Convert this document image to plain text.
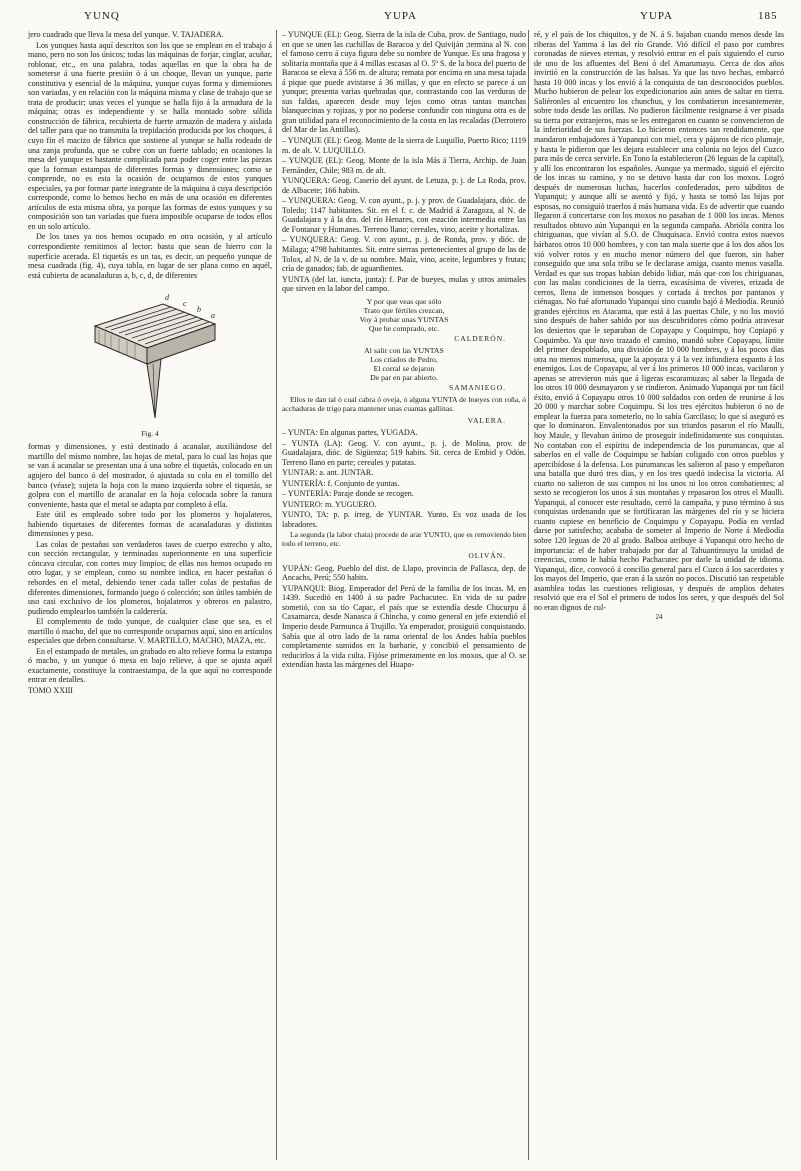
YUNQ	YUPA	YUPA	185

jero cuadrado que lleva la mesa del yunque. V. TAJADERA.

Los yunques hasta aquí descritos son los que se emplean en el trabajo á mano, pero no son los únicos; todas las máquinas de forjar, cinglar, acuñar, roblonar, etc., en una palabra, todas aquellas en que la obra ha de someterse á una fuerte presión ó á un choque, llevan un yunque, parte constitutiva y esencial de la máquina, yunque cuyas forma y dimensiones son variadas, y en relación con la máquina misma y clase de trabajo que se trata de producir; unas veces el yunque se halla fijo á la armadura de la máquina; otras es independiente y se halla montado sobre sólida construcción de fábrica, recubierta de fuerte armazón de madera y aislada del taller para que no transmita la trepidación producida por los choques, á cuyo fin el macizo de fábrica que sostiene al yunque se halla rodeado de una zanja profunda, que se cubre con un fuerte tablado; en ocasiones la mesa del yunque es bastante complicada para poder coger entre las piezas que la forman estampas de diferentes formas y dimensiones; como se comprende, no es esta la ocasión de ocuparnos de estos yunques especiales, ya por formar parte integrante de la máquina á cuya descripción corresponde, como lo hemos hecho en más de una ocasión en diferentes artículos de esta misma obra, ya porque las formas de estos yunques y su composición son tan variadas que fuera imposible ocuparse de todos ellos en un solo artículo.

De los tases ya nos hemos ocupado en otra ocasión, y al artículo correspondiente remitimos al lector: basta que sean de hierro con la superficie acerada. El tiquetás es un tas, es decir, un pequeño yunque de mesa cuadrada (fig. 4), cuya tabla, en lugar de ser plana como en aquél, está cubierta de acanaladuras a, b, c, d, de diferentes

d
c
b
a
Fig. 4

formas y dimensiones, y está destinado á acanalar, auxiliándose del martillo del mismo nombre, las hojas de metal, para lo cual las hojas que se van á acanalar se presentan una á una sobre el tiquetás, colocado en un agujero del banco ó del mostrador, ó ajustada su cola en el tornillo del banco (véase); sujeta la hoja con la mano izquierda sobre el tiquetás, se golpea con el martillo de acanalar en la hoja colocada sobre la ranura conveniente, hasta que el metal se adapta por completo á ella.

Este útil es empleado sobre todo por los plomeros y hojalateros, habiendo tiquetases de diferentes formas de acanaladuras y distintas dimensiones y peso.

Las colas de pestañas son verdaderos tases de cuerpo estrecho y alto, con sección rectangular, y terminadas superiormente en una superficie cóncava circular, con cortes muy limpios; de ellas nos hemos ocupado en otro lugar, y se emplean, como su nombre indica, en hacer pestañas ó rebordes en el metal, debiendo tener cada taller colas de pestañas de diferentes dimensiones, formando juego ó colección; son útiles también de uso casi exclusivo de los plomeros, hojalateros y obreros en palastro, pudiendo emplearlos también la calderería.

El complemento de todo yunque, de cualquier clase que sea, es el martillo ó macho, del que no corresponde ocuparnos aquí, sino en artículos especiales que deben consultarse. V. MARTILLO, MACHO, MAZA, etc.

En el estampado de metales, un grabado en alto relieve forma la estampa ó macho, y un yunque ó mesa en bajo relieve, á que se ajusta aquél exactamente, constituye la contraestampa, de la que aquí no corresponde entrar en detalles.

TOMO XXIII

– YUNQUE (EL): Geog. Sierra de la isla de Cuba, prov. de Santiago, nudo en que se unen las cuchillas de Baracoa y del Quiviján ;termina al N. con el famoso cerro á cuya figura debe su nombre de Yunque. Es una fragosa y solitaria montaña que á 4 millas escasas al O. 5º S. de la boca del puerto de Baracoa se eleva á 556 m. de altura; remata por encima en una mesa tajada á pique que puede avistarse á 36 millas, y que en efecto se parece á un yunque; presenta varias quebradas que, contrastando con las verduras de sus faldas, aparecen desde muy lejos como otras tantas manchas blanquecinas y rojizas, y por no poderse confundir con ninguna otra es de gran utilidad para el reconocimiento de la costa en las recaladas (Derrotero del Mar de las Antillas).

– YUNQUE (EL): Geog. Monte de la sierra de Luquillo, Puerto Rico; 1119 m. de alt. V. LUQUILLO.

– YUNQUE (EL): Geog. Monte de la isla Más á Tierra, Archip. de Juan Fernández, Chile; 983 m. de alt.

YUNQUERA: Geog. Caserío del ayunt. de Letuza, p. j. de La Roda, prov. de Albacete; 166 habits.

– YUNQUERA: Geog. V. con ayunt., p. j. y prov. de Guadalajara, dióc. de Toledo; 1147 habitantes. Sit. en el f. c. de Madrid á Zaragoza, al N. de Guadalajara y á la dra. del río Henares, con estación intermedia entre las de Fontanar y Humanes. Terreno llano; cereales, vino, aceite y hortalizas.

– YUNQUERA: Geog. V. con ayunt., p. j. de Ronda, prov. y dióc. de Málaga; 4798 habitantes. Sit. entre sierras pertenecientes al grupo de las de Tolox, al N. de la v. de su nombre. Maíz, vino, aceite, legumbres y frutas; cría de ganados; fab. de aguardientes.

YUNTA (del lat. iuncta, junta): f. Par de bueyes, mulas y otros animales que sirven en la labor del campo.

Y por que veas que sólo
Trato que fértiles crezcan,
Voy á probar unas YUNTAS
Que he comprado, etc.
CALDERÓN.
Al salir con las YUNTAS
Los criados de Pedro,
El corral se dejaron
De par en par abierto.
SAMANIEGO.

Ellos te dan tal ó cual cabra ó oveja, ó alguna YUNTA de bueyes con roña, ó acchaduras de trigo para mantener unas cuantas gallinas.

VALERA.

– YUNTA: En algunas partes, YUGADA.

– YUNTA (LA): Geog. V. con ayunt., p. j. de Molina, prov. de Guadalajara, dióc. de Sigüenza; 519 habits. Sit. cerca de Embid y Odón. Terreno llano en parte; cereales y patatas.

YUNTAR: a. ant. JUNTAR.

YUNTERÍA: f. Conjunto de yuntas.

– YUNTERÍA: Paraje donde se recogen.

YUNTERO: m. YUGUERO.

YUNTO, TA: p. p. irreg. de YUNTAR. Yunto. Es voz usada de los labradores.

La segunda (la labor chata) procede de arar YUNTO, que es removiendo bien todo el terreno, etc.

OLIVÁN.

YUPÁN: Geog. Pueblo del dist. de Llapo, provincia de Pallasca, dep. de Ancachs, Perú; 550 habits.

YUPANQUI: Biog. Emperador del Perú de la familia de los incas. M. en 1439. Sucedió en 1400 á su padre Pachacutec. En vida de su padre sometió, con su tío Capac, el país que se extendía desde Chucurpu á Caxamarca, desde Nanasca á Chincha, y como general en jefe extendió el Imperio desde Parmunca á Trujillo. Ya emperador, prosiguió conquistando. Sabía que al otro lado de la rama oriental de los Andes había pueblos completamente sumidos en la barbarie, y concibió el pensamiento de reducirlos á la vida culta. Fijóse primeramente en los moxos, que al O. se extendían hasta las márgenes del Huapo-

ré, y el país de los chiquitos, y de N. á S. bajaban cuando menos desde las riberas del Yamma á las del río Grande. Vió difícil el paso por cumbres coronadas de nieves eternas, y resolvió entrar en el país siguiendo el curso de uno de los afluentes del Beni ó del Amarumayu. Cerca de dos años invirtió en la construcción de las balsas. Ya que las tuvo hechas, embarcó hasta 10 000 incas y los envió á la conquista de tan desconocidos pueblos. Mucho hubieron de pelear los expedicionarios aún antes de saltar en tierra. Saliéronles al encuentro los chunchus, y los combatieron incesantemente, sobre todo desde las orillas. No pudieron fácilmente resignarse á ver pisada su tierra por extranjeros, mas se les entregaron en cuanto se convencieron de la inferioridad de sus fuerzas. Lo hicieron entonces tan rendidamente, que mandaron embajadores á Yupanqui con miel, cera y pájaros de rico plumaje, y hasta le pidieron que les dejara establecer una colonia no lejos del Cuzco para más de cerca servirle. En Tono la establecieron (26 leguas de la capital), y allí los encontraron los españoles. Aunque ya mermado, siguió el ejército de los incas su camino, y no se detuvo hasta dar con los moxos. Logró después de numerosas luchas, hacerlos confederados, pero súbditos de Yupanqui; y aunque allí se asentó y fijó, y hasta se tomó las hijas por esposas, no consiguió traerlos á más humana vida. Es de advertir que cuando llegaron á concertarse con los moxos no pasaban de 1 000 los incas. Menos resultados obtuvo aún Yupanqui en la segunda campaña. Abrióla contra los chiriguanas, que vivían al S.O. de Chuquisaca. Envió contra estos nuevos bárbaros otros 10 000 hombres, y con tan mala suerte que á los dos años los vió volver rotos y en mucho menor número del que fueron, sin haber conseguido que una sola tribu se le declarase amiga, cuanto menos vasalla. Verdad es que sus tropas habían debido lidiar, más que con los chiriguanas, con las malas condiciones de la tierra, escasísima de víveres, erizada de cerros, llena de inmensos bosques y cortada á trechos por pantanos y ciénagas. No fué afortunado Yupanqui sino cuando bajó á Mediodía. Reunió grandes ejércitos en Atacama, que está á las puertas Chile, y no los movió sino después de haber sabido por sus descubridores cómo podría atravesar los desiertos que le separaban de Copayapu y Coquimpu, hoy Copiapó y Coquimbo. Ya que tuvo trazado el camino, mandó sobre Copayapu, límite del primer despoblado, una división de 10 000 hombres, y á los pocos días otra no menos numerosa, que la apoyara y á la vez infundiera espanto á los enemigos. Los de Copayapu, al ver á los primeros 10 000 incas, vacilaron y apenas se atrevieron más que á ligeras escaramuzas; al saber la llegada de los otros 10 000 desmayaron y se rindieron. Animado Yupanqui por tan fácil éxito, envió á Copayapu otros 10 000 soldados con orden de reunirse á los 20 000 y marchar sobre Coquimpu. Si los tres ejércitos hubieron ó no de emplear la fuerza para someterlo, no lo sabía Garcilaso; lo que sí aseguró es que lo dominaron. Envalentonados por sus triunfos pasaron el río Maulli, hoy Maule, y llevaban ánimo de proseguir indefinidamente sus conquistas. No contaban con el espíritu de independencia de los purumancas, que al saberlos en el valle de Coquimpu se habían coligado con otros pueblos y apercibídose á la defensa. Los purumancas les salieron al paso y empeñaron una batalla que duró tres días, y en los tres quedó indecisa la victoria. Al cuarto no salieron de sus campos ni los unos ni los otros combatientes; al sexto se recogieron los unos á sus montañas y repasaron los otros el Maulli. Yupanqui, al conocer este resultado, cerró la campaña, y puso término á sus conquistas ordenando que se fortificaran las márgenes del río y se hiciera cuanto cupiese en beneficio de Coquimpu y Copayapu. Podía en verdad darse por satisfecho; acababa de someter al Imperio de Norte á Mediodía sobre 120 leguas de 20 al grado. Balboa atribuye á Yupanqui otro hecho de importancia: el de haber trabajado por dar al Tahuantinsuyu la unidad de creencias, como le había hecho Pachacutec por darle la unidad de idioma. Yupanqui, dice, convocó á concilio general para el Cuzco á los sacerdotes y los mayos del Imperio, que eran á la sazón no pocos. Discutió tan respetable asamblea todas las cuestiones religiosas, y después de amplios debates resolvió que era el Sol el primero de todos los seres, y que después del Sol no eran dignos de cul-

24
